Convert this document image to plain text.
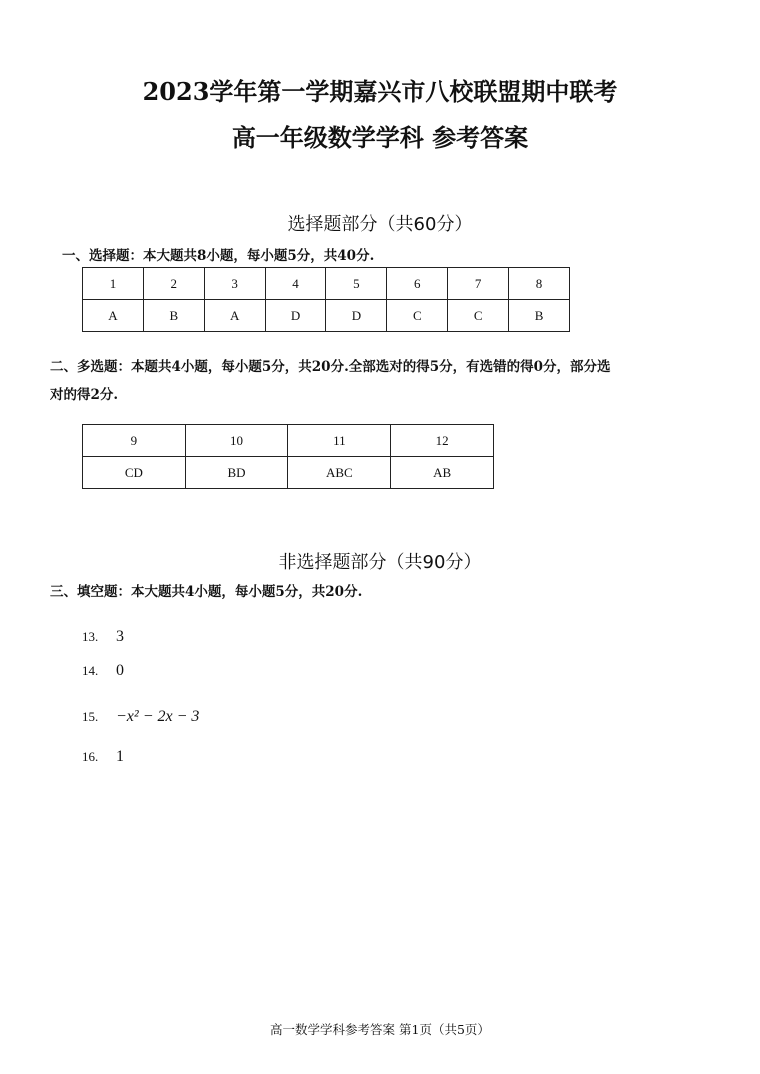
2023学年第一学期嘉兴市八校联盟期中联考
高一年级数学学科 参考答案
选择题部分（共60分）
一、选择题：本大题共8小题，每小题5分，共40分.
1	2	3	4	5	6	7	8
A	B	A	D	D	C	C	B
二、多选题：本题共4小题，每小题5分，共20分.全部选对的得5分，有选错的得0分，部分选
对的得2分.
9	10	11	12
CD	BD	ABC	AB
非选择题部分（共90分）
三、填空题：本大题共4小题，每小题5分，共20分.
13. 3
14. 0
15. −x² − 2x − 3
16. 1
高一数学学科参考答案 第1页（共5页）
